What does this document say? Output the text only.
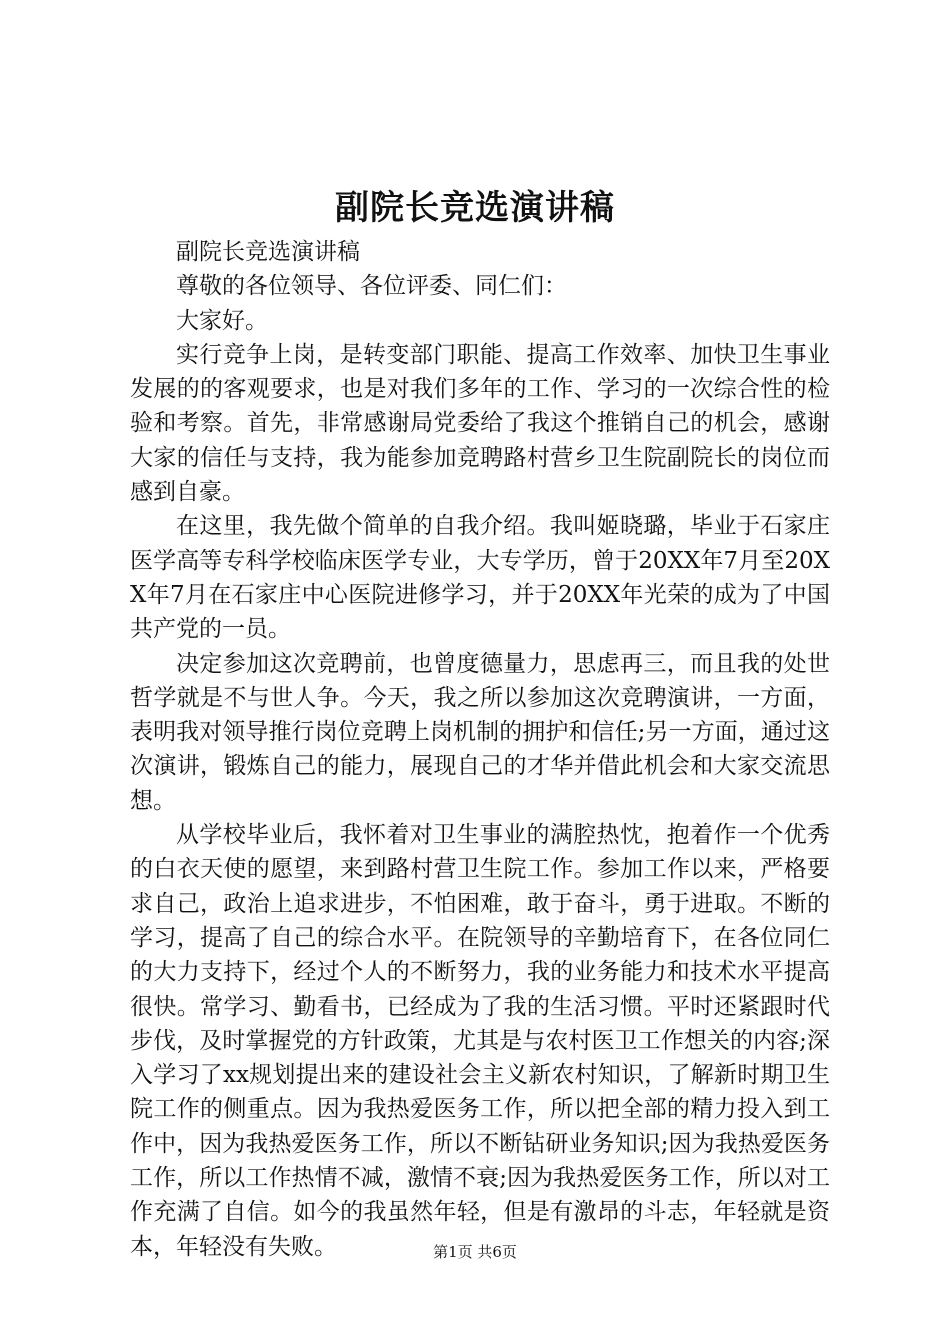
副院长竞选演讲稿

副院长竞选演讲稿

尊敬的各位领导、各位评委、同仁们：

大家好。

实行竞争上岗，是转变部门职能、提高工作效率、加快卫生事业发展的的客观要求，也是对我们多年的工作、学习的一次综合性的检验和考察。首先，非常感谢局党委给了我这个推销自己的机会，感谢大家的信任与支持，我为能参加竞聘路村营乡卫生院副院长的岗位而感到自豪。

在这里，我先做个简单的自我介绍。我叫姬晓璐，毕业于石家庄医学高等专科学校临床医学专业，大专学历，曾于20XX年7月至20XX年7月在石家庄中心医院进修学习，并于20XX年光荣的成为了中国共产党的一员。

决定参加这次竞聘前，也曾度德量力，思虑再三，而且我的处世哲学就是不与世人争。今天，我之所以参加这次竞聘演讲，一方面，表明我对领导推行岗位竞聘上岗机制的拥护和信任;另一方面，通过这次演讲，锻炼自己的能力，展现自己的才华并借此机会和大家交流思想。

从学校毕业后，我怀着对卫生事业的满腔热忱，抱着作一个优秀的白衣天使的愿望，来到路村营卫生院工作。参加工作以来，严格要求自己，政治上追求进步，不怕困难，敢于奋斗，勇于进取。不断的学习，提高了自己的综合水平。在院领导的辛勤培育下，在各位同仁的大力支持下，经过个人的不断努力，我的业务能力和技术水平提高很快。常学习、勤看书，已经成为了我的生活习惯。平时还紧跟时代步伐，及时掌握党的方针政策，尤其是与农村医卫工作想关的内容;深入学习了xx规划提出来的建设社会主义新农村知识，了解新时期卫生院工作的侧重点。因为我热爱医务工作，所以把全部的精力投入到工作中，因为我热爱医务工作，所以不断钻研业务知识;因为我热爱医务工作，所以工作热情不减，激情不衰;因为我热爱医务工作，所以对工作充满了自信。如今的我虽然年轻，但是有激昂的斗志，年轻就是资本，年轻没有失败。	第1页 共6页
